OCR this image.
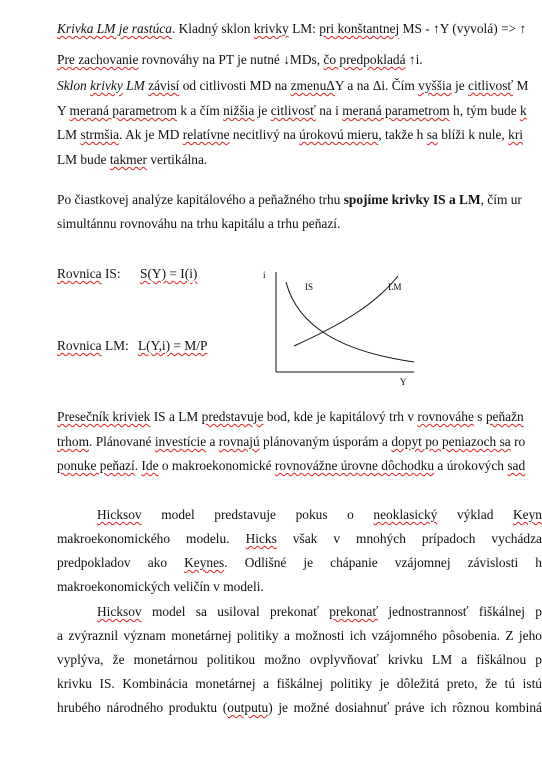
Krivka LM je rastúca. Kladný sklon krivky LM: pri konštantnej MS - ↑Y (vyvolá) => ↑
Pre zachovanie rovnováhy na PT je nutné ↓MDs, čo predpokladá ↑i.
Sklon krivky LM závisí od citlivosti MD na zmenuΔY a na Δi. Čím vyššia je citlivosť M
Y meraná parametrom k a čím nižšia je citlivosť na i meraná parametrom h, tým bude k
LM strmšia. Ak je MD relatívne necitlivý na úrokovú mieru, takže h sa blíži k nule, kri
LM bude takmer vertikálna.
Po čiastkovej analýze kapitálového a peňažného trhu spojíme krivky IS a LM, čím ur
simultánnu rovnováhu na trhu kapitálu a trhu peňazí.
Rovnica IS: S(Y) = I(i)
Rovnica LM: L(Y,i) = M/P
i
Y
IS	LM
Presečník kriviek IS a LM predstavuje bod, kde je kapitálový trh v rovnováhe s peňažn
trhom. Plánované investície a rovnajú plánovaným úsporám a dopyt po peniazoch sa ro
ponuke peňazí. Ide o makroekonomické rovnovážne úrovne dôchodku a úrokových sad
Hicksov model predstavuje pokus o neoklasický výklad Keyn
makroekonomického modelu. Hicks však v mnohých prípadoch vychádza
predpokladov ako Keynes. Odlišné je chápanie vzájomnej závislosti h
makroekonomických veličín v modeli.
Hicksov model sa usiloval prekonať prekonať jednostrannosť fiškálnej p
a zvýraznil význam monetárnej politiky a možnosti ich vzájomného pôsobenia. Z jeho
vyplýva, že monetárnou politikou možno ovplyvňovať krivku LM a fiškálnou p
krivku IS. Kombinácia monetárnej a fiškálnej politiky je dôležitá preto, že tú istú
hrubého národného produktu (outputu) je možné dosiahnuť práve ich rôznou kombiná
